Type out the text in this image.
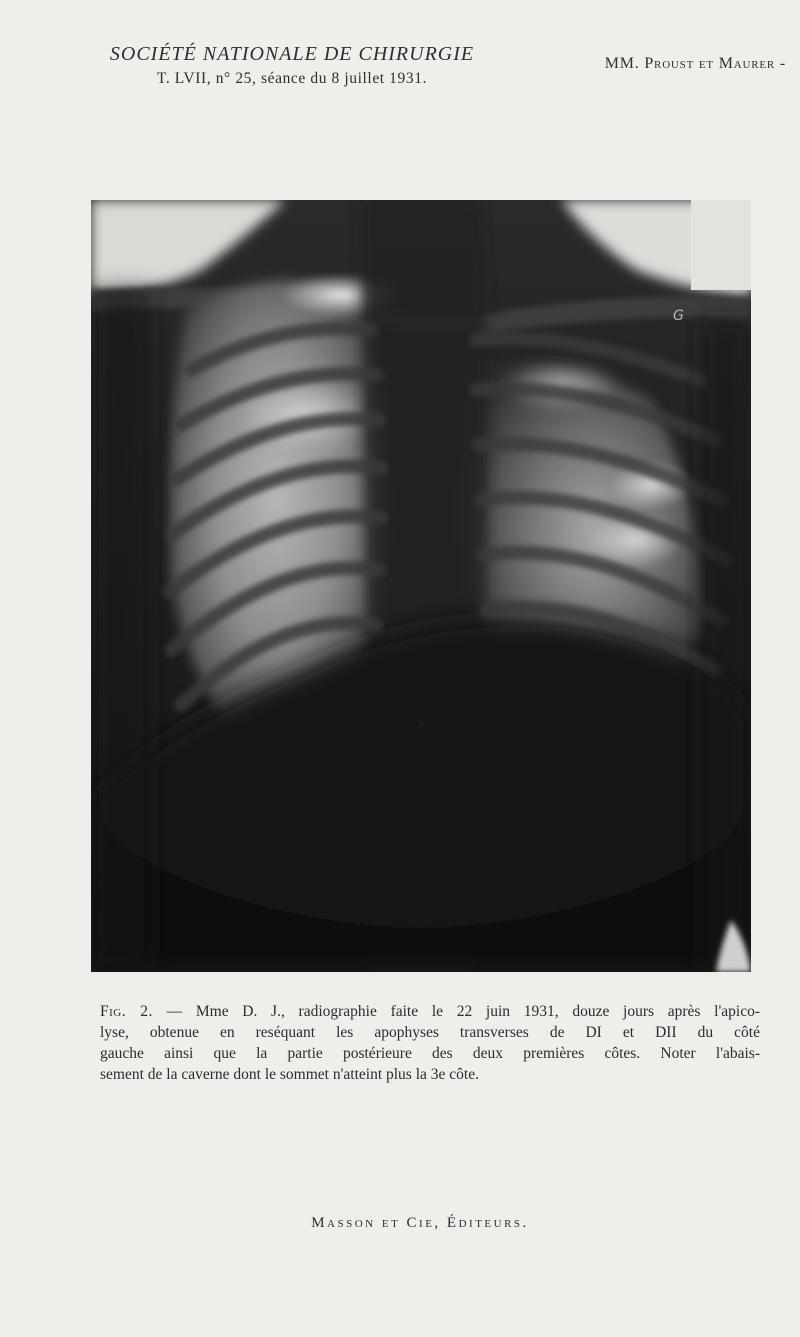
SOCIÉTÉ NATIONALE DE CHIRURGIE
T. LVII, n° 25, séance du 8 juillet 1931.
MM. Proust et Maurer -
G
Fig. 2. — Mme D. J., radiographie faite le 22 juin 1931, douze jours après l'apico-
lyse, obtenue en reséquant les apophyses transverses de DI et DII du côté
gauche ainsi que la partie postérieure des deux premières côtes. Noter l'abais-
sement de la caverne dont le sommet n'atteint plus la 3e côte.
Masson et Cie, Éditeurs.
